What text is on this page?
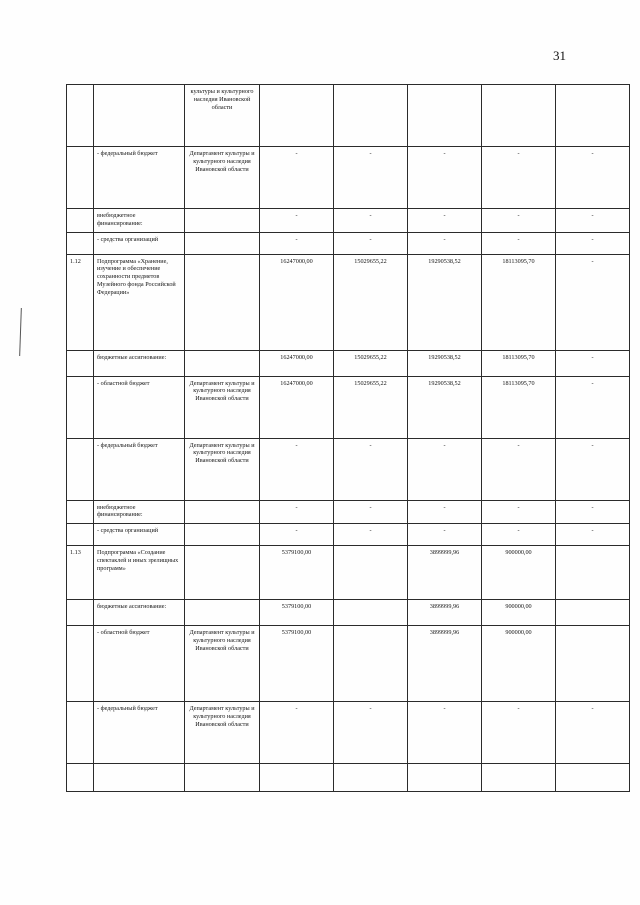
31
		культуры и культурного наследия Ивановской области					
	- федеральный бюджет	Департамент культуры и культурного наследия Ивановской области	-	-	-	-	-
	внебюджетное финансирование:		-	-	-	-	-
	- средства организаций		-	-	-	-	-
1.12	Подпрограмма «Хранение, изучение и обеспечение сохранности предметов Музейного фонда Российской Федерации»		16247000,00	15029655,22	19290538,52	18113095,70	-
	бюджетные ассигнование:		16247000,00	15029655,22	19290538,52	18113095,70	-
	- областной бюджет	Департамент культуры и культурного наследия Ивановской области	16247000,00	15029655,22	19290538,52	18113095,70	-
	- федеральный бюджет	Департамент культуры и культурного наследия Ивановской области	-	-	-	-	-
	внебюджетное финансирование:		-	-	-	-	-
	- средства организаций		-	-	-	-	-
1.13	Подпрограмма «Создание спектаклей и иных зрелищных программ»		5379100,00		3899999,96	900000,00	
	бюджетные ассигнование:		5379100,00		3899999,96	900000,00	
	- областной бюджет	Департамент культуры и культурного наследия Ивановской области	5379100,00		3899999,96	900000,00	
	- федеральный бюджет	Департамент культуры и культурного наследия Ивановской области	-	-	-	-	-
